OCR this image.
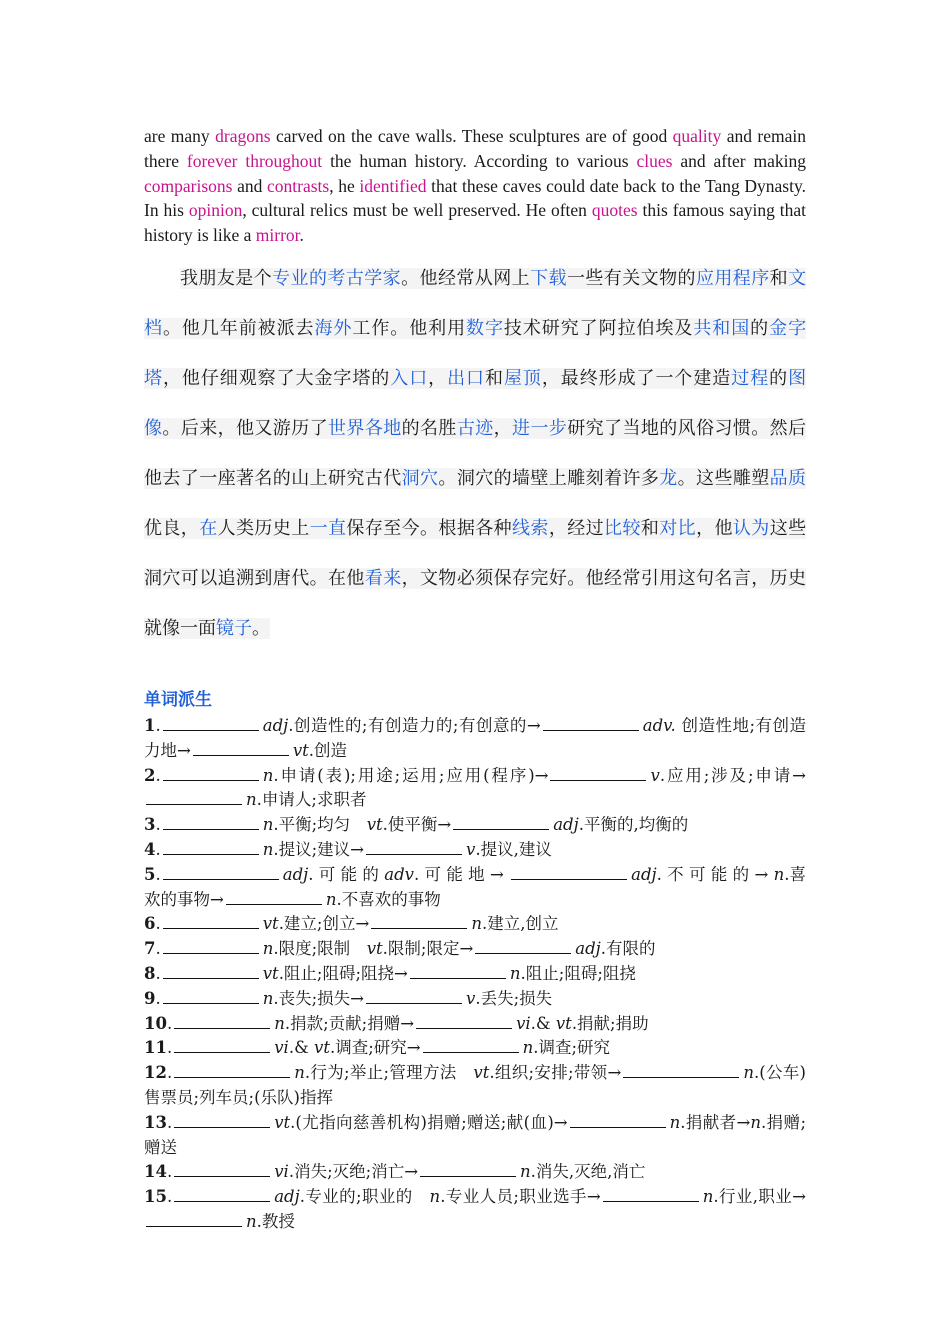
are many dragons carved on the cave walls. These sculptures are of good quality and remain there forever throughout the human history. According to various clues and after making comparisons and contrasts, he identified that these caves could date back to the Tang Dynasty. In his opinion, cultural relics must be well preserved. He often quotes this famous saying that history is like a mirror.

我朋友是个专业的考古学家。他经常从网上下载一些有关文物的应用程序和文档。他几年前被派去海外工作。他利用数字技术研究了阿拉伯埃及共和国的金字塔，他仔细观察了大金字塔的入口，出口和屋顶，最终形成了一个建造过程的图像。后来，他又游历了世界各地的名胜古迹，进一步研究了当地的风俗习惯。然后他去了一座著名的山上研究古代洞穴。洞穴的墙壁上雕刻着许多龙。这些雕塑品质优良，在人类历史上一直保存至今。根据各种线索，经过比较和对比，他认为这些洞穴可以追溯到唐代。在他看来，文物必须保存完好。他经常引用这句名言，历史就像一面镜子。

单词派生

1.	adj.创造性的;有创造力的;有创意的→	adv. 创造性地;有创造力地→	vt.创造

2.	n.申请(表);用途;运用;应用(程序)→	v.应用;涉及;申请→n.申请人;求职者

3.	n.平衡;均匀　vt.使平衡→	adj.平衡的,均衡的

4.	n.提议;建议→	v.提议,建议

5.	adj. 可 能 的 adv. 可 能 地 →	adj. 不 可 能 的 → n.喜欢的事物→	n.不喜欢的事物

6.	vt.建立;创立→	n.建立,创立

7.	n.限度;限制　vt.限制;限定→	adj.有限的

8.	vt.阻止;阻碍;阻挠→	n.阻止;阻碍;阻挠

9.	n.丧失;损失→	v.丢失;损失

10.	n.捐款;贡献;捐赠→	vi.& vt.捐献;捐助

11.	vi.& vt.调查;研究→	n.调查;研究

12.	n.行为;举止;管理方法　vt.组织;安排;带领→	n.(公车)售票员;列车员;(乐队)指挥

13.	vt.(尤指向慈善机构)捐赠;赠送;献(血)→	n.捐献者→n.捐赠;赠送

14.	vi.消失;灭绝;消亡→	n.消失,灭绝,消亡

15.	adj.专业的;职业的　n.专业人员;职业选手→	n.行业,职业→n.教授
